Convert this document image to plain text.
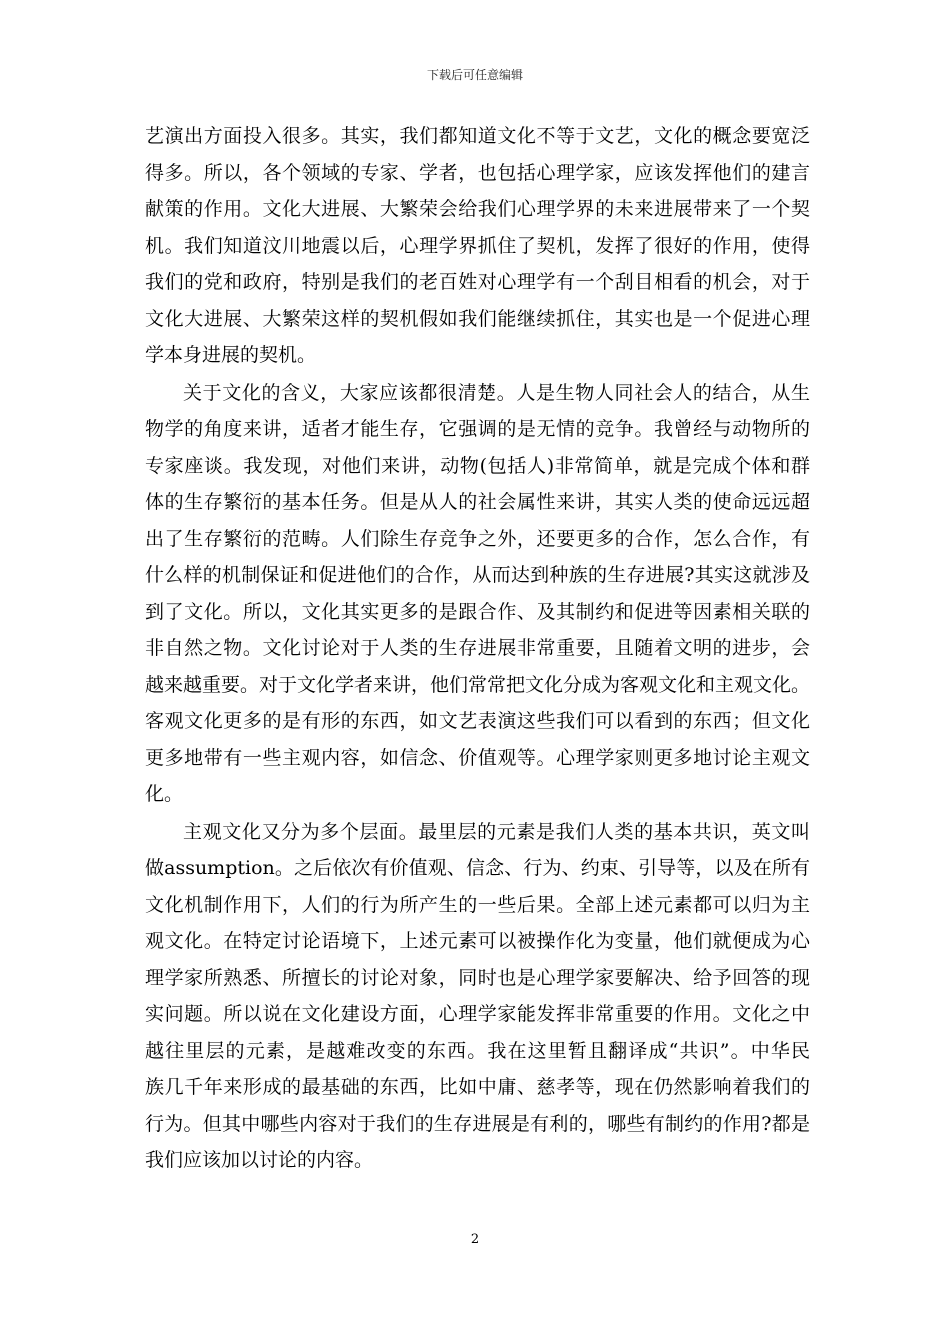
下载后可任意编辑
艺演出方面投入很多。其实，我们都知道文化不等于文艺，文化的概念要宽泛
得多。所以，各个领域的专家、学者，也包括心理学家，应该发挥他们的建言
献策的作用。文化大进展、大繁荣会给我们心理学界的未来进展带来了一个契
机。我们知道汶川地震以后，心理学界抓住了契机，发挥了很好的作用，使得
我们的党和政府，特别是我们的老百姓对心理学有一个刮目相看的机会，对于
文化大进展、大繁荣这样的契机假如我们能继续抓住，其实也是一个促进心理
学本身进展的契机。
关于文化的含义，大家应该都很清楚。人是生物人同社会人的结合，从生
物学的角度来讲，适者才能生存，它强调的是无情的竞争。我曾经与动物所的
专家座谈。我发现，对他们来讲，动物(包括人)非常简单，就是完成个体和群
体的生存繁衍的基本任务。但是从人的社会属性来讲，其实人类的使命远远超
出了生存繁衍的范畴。人们除生存竞争之外，还要更多的合作，怎么合作，有
什么样的机制保证和促进他们的合作，从而达到种族的生存进展?其实这就涉及
到了文化。所以，文化其实更多的是跟合作、及其制约和促进等因素相关联的
非自然之物。文化讨论对于人类的生存进展非常重要，且随着文明的进步，会
越来越重要。对于文化学者来讲，他们常常把文化分成为客观文化和主观文化。
客观文化更多的是有形的东西，如文艺表演这些我们可以看到的东西；但文化
更多地带有一些主观内容，如信念、价值观等。心理学家则更多地讨论主观文
化。
主观文化又分为多个层面。最里层的元素是我们人类的基本共识，英文叫
做assumption。之后依次有价值观、信念、行为、约束、引导等，以及在所有
文化机制作用下，人们的行为所产生的一些后果。全部上述元素都可以归为主
观文化。在特定讨论语境下，上述元素可以被操作化为变量，他们就便成为心
理学家所熟悉、所擅长的讨论对象，同时也是心理学家要解决、给予回答的现
实问题。所以说在文化建设方面，心理学家能发挥非常重要的作用。文化之中
越往里层的元素，是越难改变的东西。我在这里暂且翻译成“共识”。中华民
族几千年来形成的最基础的东西，比如中庸、慈孝等，现在仍然影响着我们的
行为。但其中哪些内容对于我们的生存进展是有利的，哪些有制约的作用?都是
我们应该加以讨论的内容。
2
